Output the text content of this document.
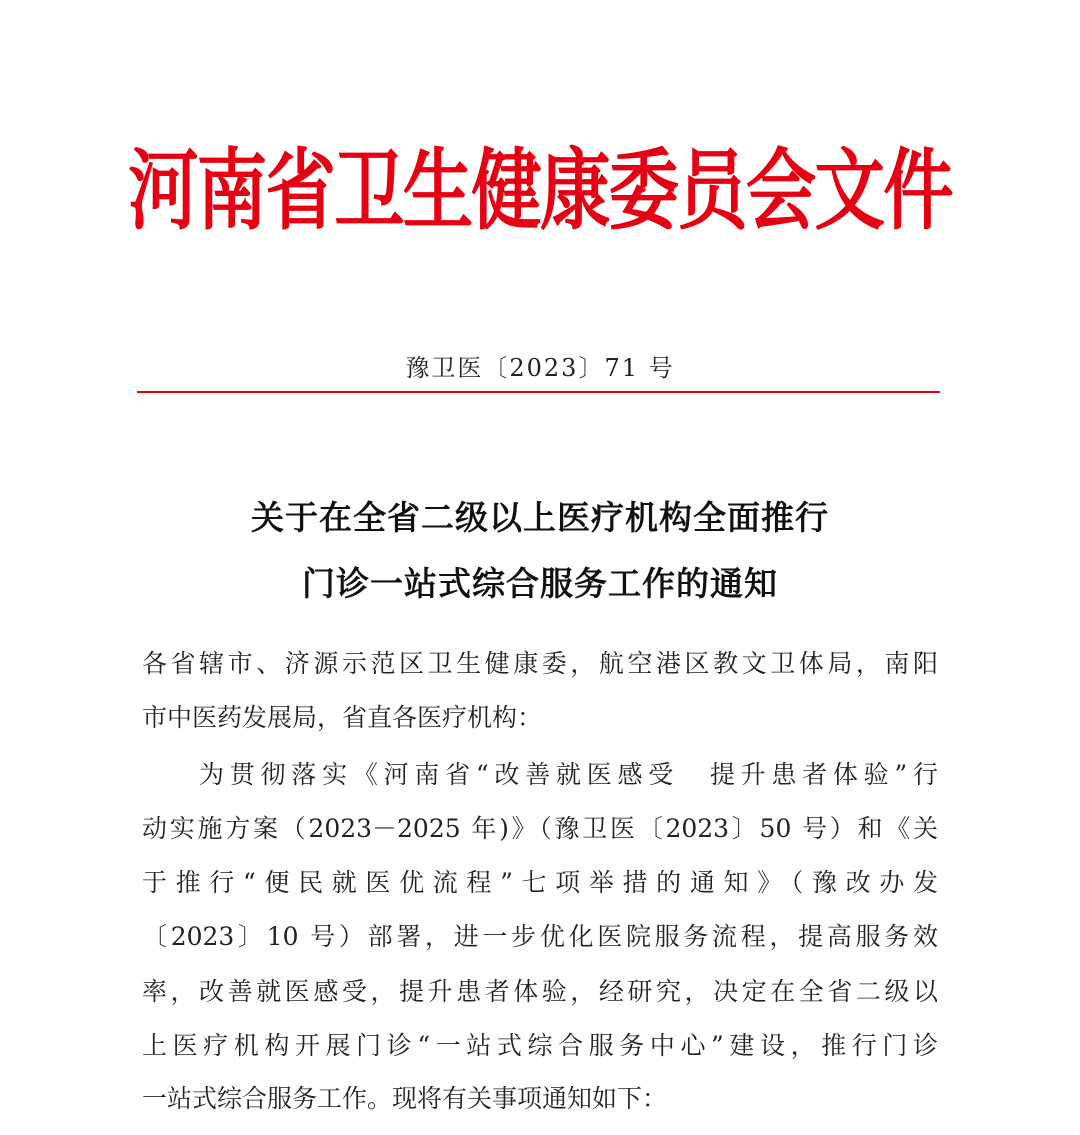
河南省卫生健康委员会文件
豫卫医〔2023〕71 号
关于在全省二级以上医疗机构全面推行
门诊一站式综合服务工作的通知
各省辖市、济源示范区卫生健康委，航空港区教文卫体局，南阳
市中医药发展局，省直各医疗机构：
为贯彻落实《河南省“改善就医感受　提升患者体验”行
动实施方案（2023－2025 年)》（豫卫医〔2023〕50 号）和《关
于推行“便民就医优流程”七项举措的通知》（豫改办发
〔2023〕10 号）部署，进一步优化医院服务流程，提高服务效
率，改善就医感受，提升患者体验，经研究，决定在全省二级以
上医疗机构开展门诊“一站式综合服务中心”建设，推行门诊
一站式综合服务工作。现将有关事项通知如下：
